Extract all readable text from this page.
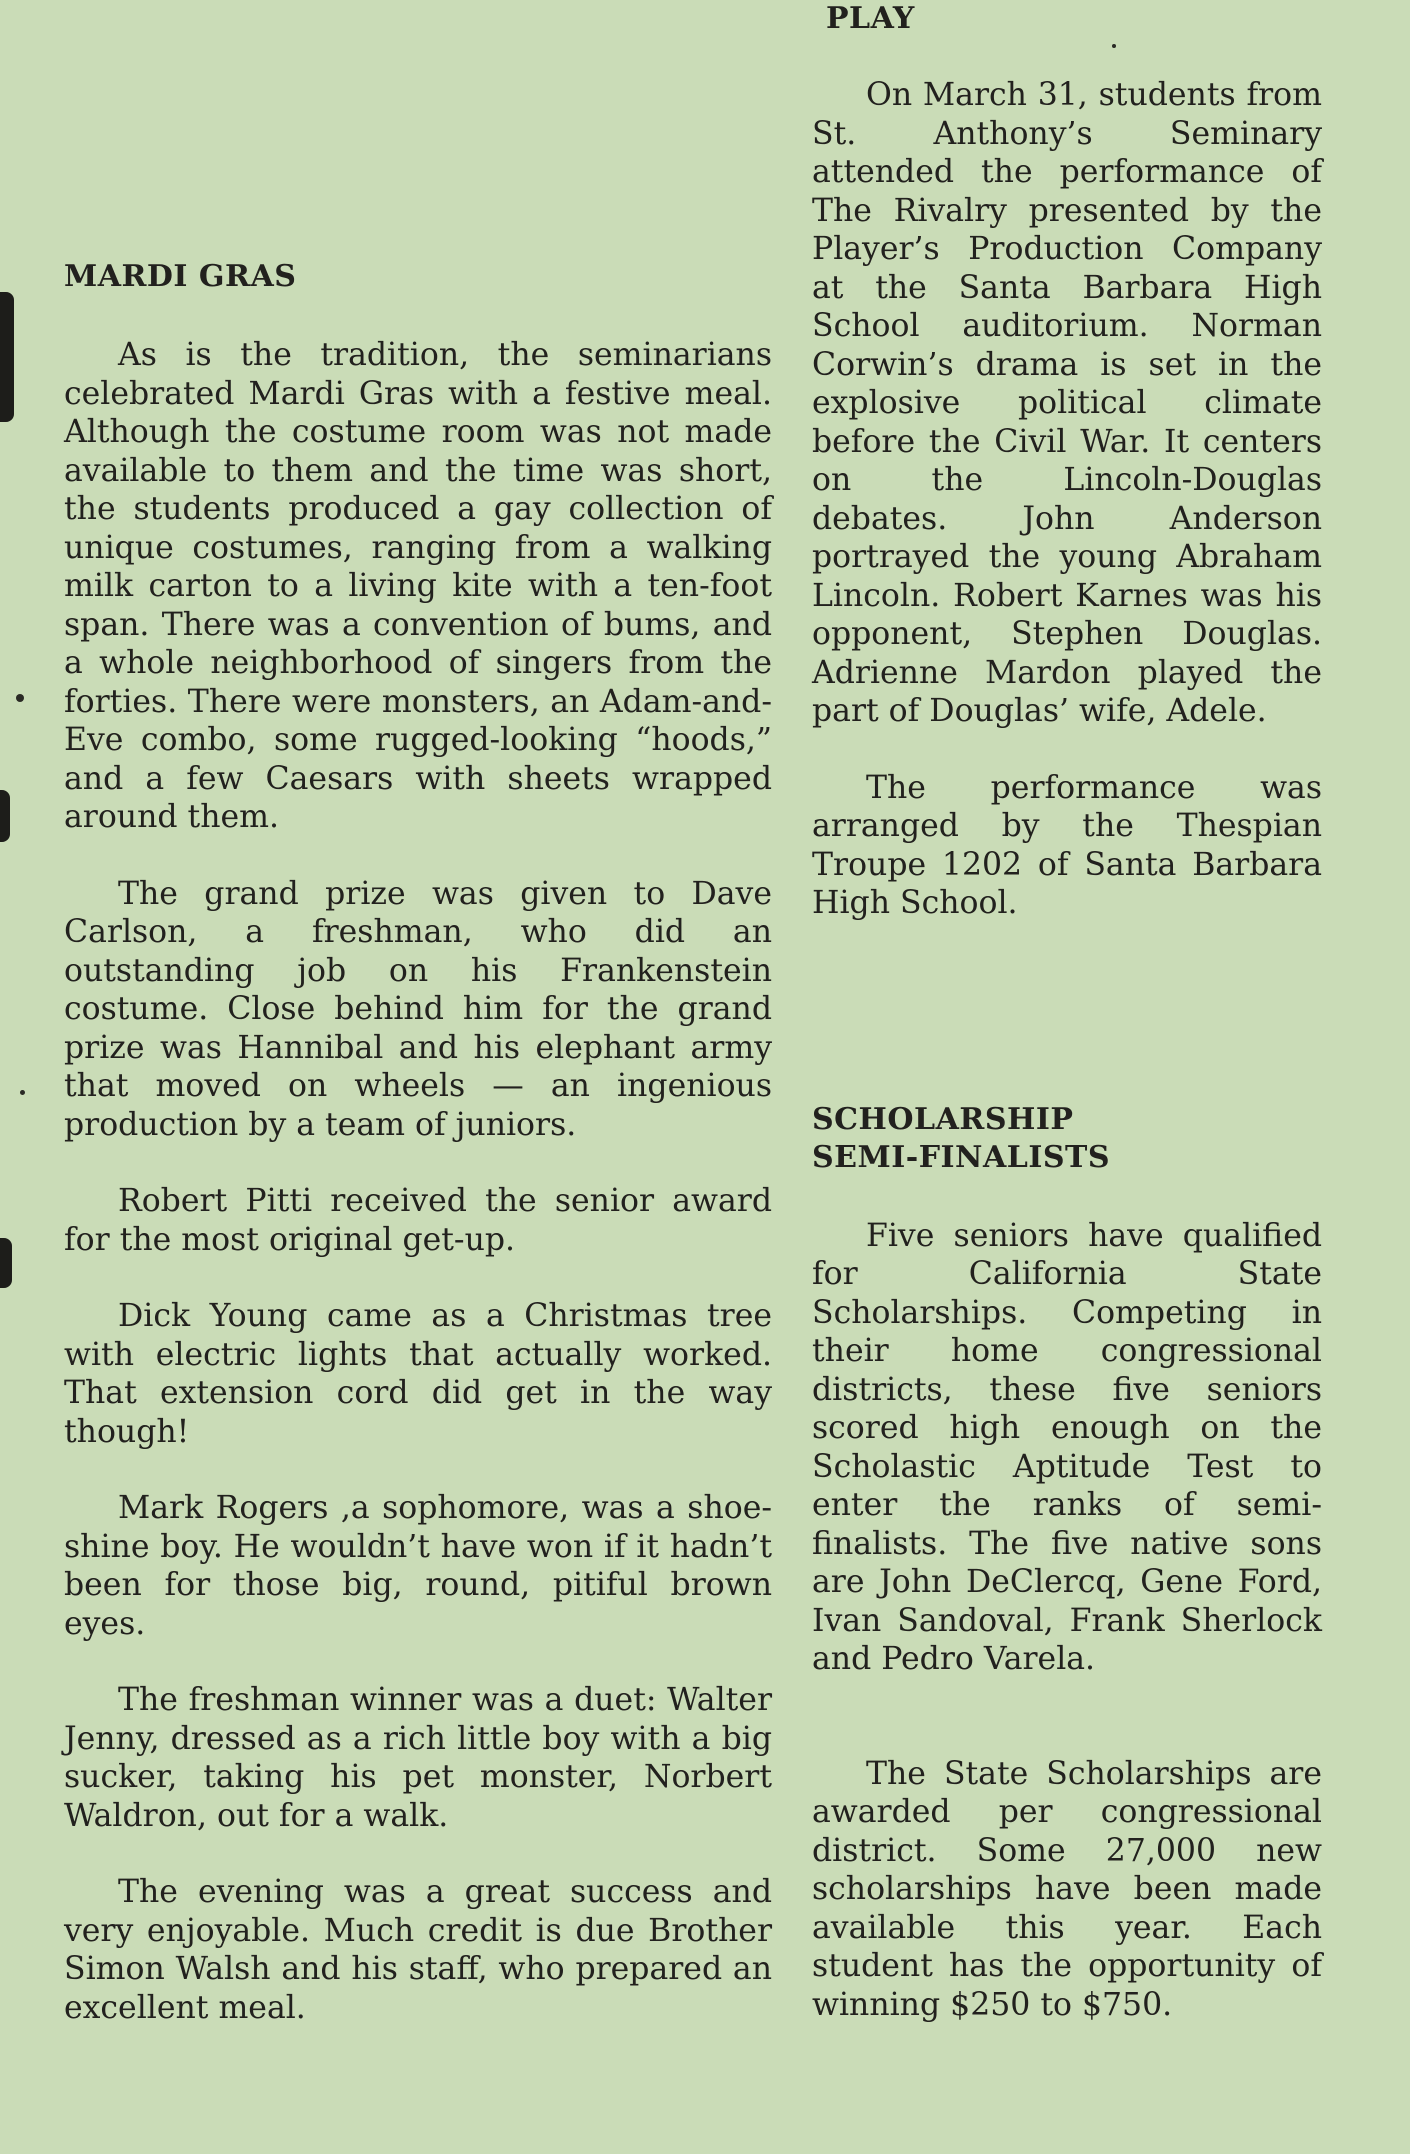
MARDI GRAS

As is the tradition, the seminarians celebrated Mardi Gras with a festive meal. Although the costume room was not made available to them and the time was short, the students produced a gay collection of unique costumes, ranging from a walking milk carton to a living kite with a ten-foot span. There was a convention of bums, and a whole neighborhood of singers from the forties. There were monsters, an Adam-and-Eve combo, some rugged-looking “hoods,” and a few Caesars with sheets wrapped around them.

The grand prize was given to Dave Carlson, a freshman, who did an outstanding job on his Frankenstein costume. Close behind him for the grand prize was Hannibal and his elephant army that moved on wheels — an ingenious production by a team of juniors.

Robert Pitti received the senior award for the most original get-up.

Dick Young came as a Christmas tree with electric lights that actually worked. That extension cord did get in the way though!

Mark Rogers ,a sophomore, was a shoe-shine boy. He wouldn’t have won if it hadn’t been for those big, round, pitiful brown eyes.

The freshman winner was a duet: Walter Jenny, dressed as a rich little boy with a big sucker, taking his pet monster, Norbert Waldron, out for a walk.

The evening was a great success and very enjoyable. Much credit is due Brother Simon Walsh and his staff, who prepared an excellent meal.

PLAY

On March 31, students from St. Anthony’s Seminary attended the performance of The Rivalry presented by the Player’s Production Company at the Santa Barbara High School auditorium. Norman Corwin’s drama is set in the explosive political climate before the Civil War. It centers on the Lincoln-Douglas debates. John Anderson portrayed the young Abraham Lincoln. Robert Karnes was his opponent, Stephen Douglas. Adrienne Mardon played the part of Douglas’ wife, Adele.

The performance was arranged by the Thespian Troupe 1202 of Santa Barbara High School.

SCHOLARSHIP SEMI-FINALISTS

Five seniors have qualified for California State Scholarships. Competing in their home congressional districts, these five seniors scored high enough on the Scholastic Aptitude Test to enter the ranks of semi-finalists. The five native sons are John DeClercq, Gene Ford, Ivan Sandoval, Frank Sherlock and Pedro Varela.

The State Scholarships are awarded per congressional district. Some 27,000 new scholarships have been made available this year. Each student has the opportunity of winning $250 to $750.
